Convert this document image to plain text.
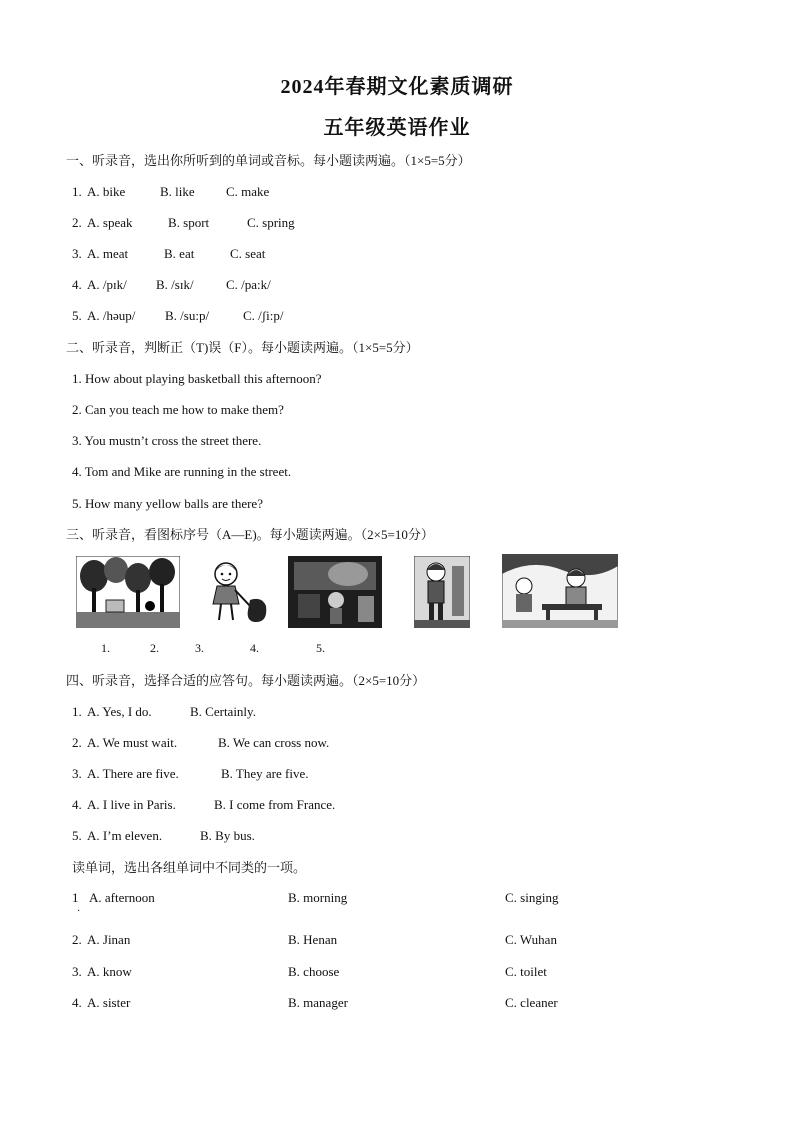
2024年春期文化素质调研
五年级英语作业
一、听录音，选出你所听到的单词或音标。每小题读两遍。（1×5=5分）
1. A. bike	B. like C. make
2. A. speak	B. sport	C. spring
3. A. meat	B. eat	C. seat
4. A. /pɪk/ B. /sɪk/ C. /pa:k/
5. A. /həup/ B. /su:p/	C. /ʃi:p/
二、听录音，判断正（T)误（F）。每小题读两遍。（1×5=5分）
1. How about playing basketball this afternoon?
2. Can you teach me how to make them?
3. You mustn’t cross the street there.
4. Tom and Mike are running in the street.
5. How many yellow balls are there?
三、听录音，看图标序号（A—E)。每小题读两遍。（2×5=10分）
1.	2.	3.	4.	5.
四、听录音，选择合适的应答句。每小题读两遍。（2×5=10分）
1. A. Yes, I do.	B. Certainly.
2. A. We must wait.	B. We can cross now.
3. A. There are five.	B. They are five.
4. A. I live in Paris.	B. I come from France.
5. A. I’m eleven.	B. By bus.
读单词，选出各组单词中不同类的一项。
1
·
A. afternoon	B. morning	C. singing
2. A. Jinan	B. Henan	C. Wuhan
3. A. know	B. choose	C. toilet
4. A. sister	B. manager	C. cleaner
